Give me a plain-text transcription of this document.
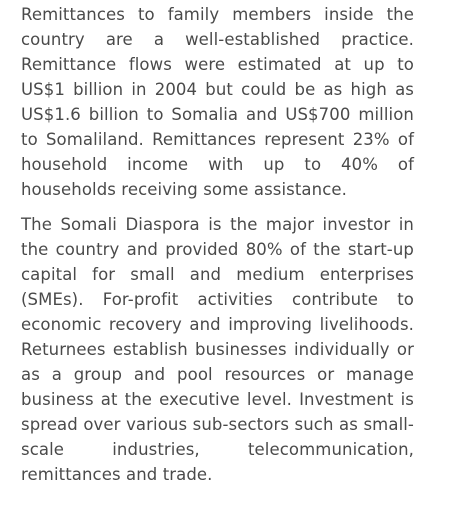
Remittances to family members inside the country are a well-established practice. Remittance flows were estimated at up to US$1 billion in 2004 but could be as high as US$1.6 billion to Somalia and US$700 million to Somaliland. Remittances represent 23% of household income with up to 40% of households receiving some assistance.

The Somali Diaspora is the major investor in the country and provided 80% of the start-up capital for small and medium enterprises (SMEs). For-profit activities contribute to economic recovery and improving livelihoods. Returnees establish businesses individually or as a group and pool resources or manage business at the executive level. Investment is spread over various sub-sectors such as small-scale industries, telecommunication, remittances and trade.
